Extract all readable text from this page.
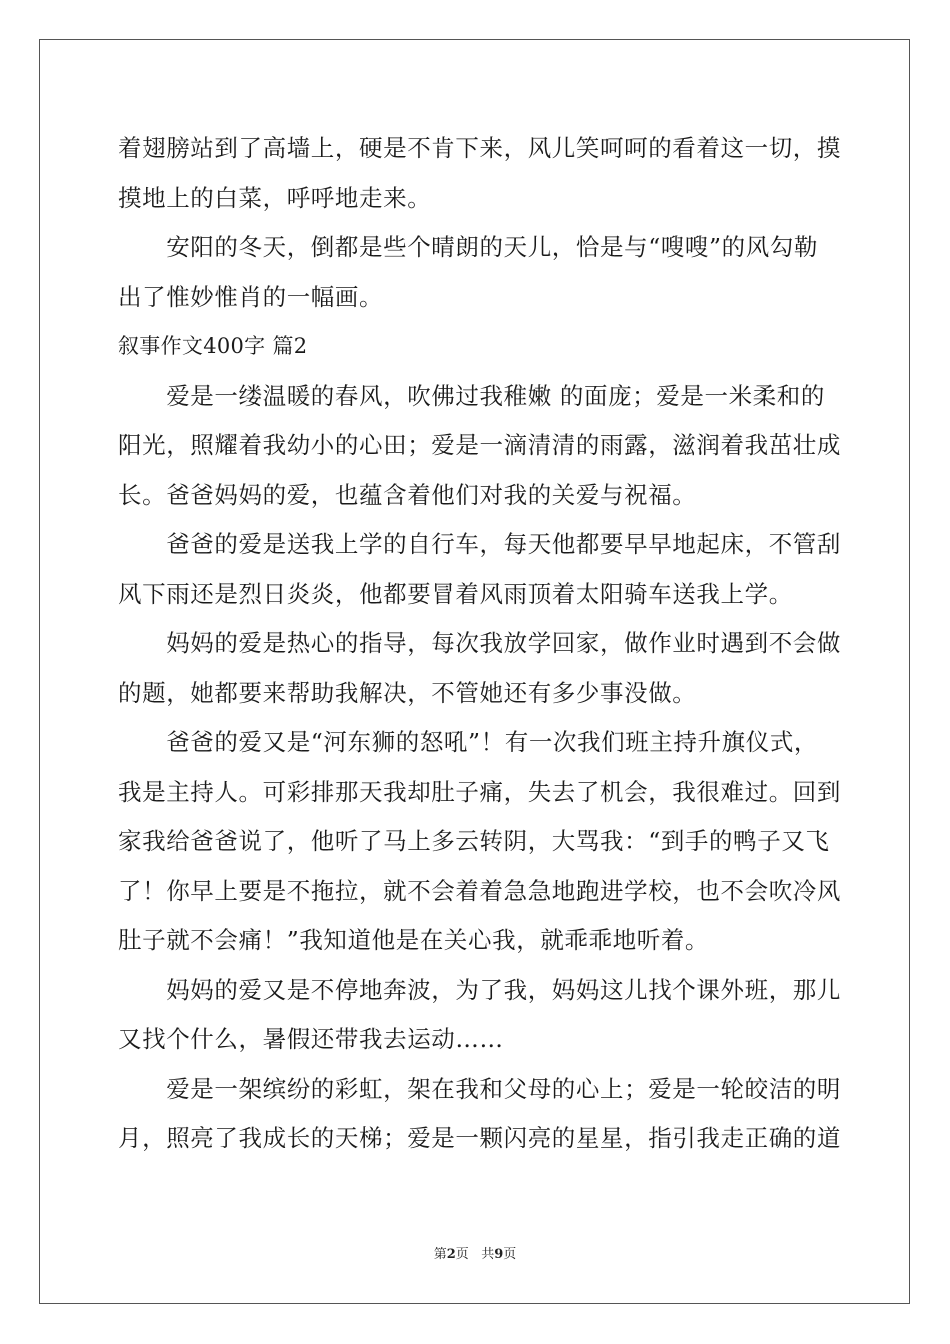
着翅膀站到了高墙上，硬是不肯下来，风儿笑呵呵的看着这一切，摸
摸地上的白菜，呼呼地走来。
　　安阳的冬天，倒都是些个晴朗的天儿，恰是与“嗖嗖”的风勾勒
出了惟妙惟肖的一幅画。
叙事作文400字 篇2
　　爱是一缕温暖的春风，吹佛过我稚嫩 的面庞；爱是一米柔和的
阳光，照耀着我幼小的心田；爱是一滴清清的雨露，滋润着我茁壮成
长。爸爸妈妈的爱，也蕴含着他们对我的关爱与祝福。
　　爸爸的爱是送我上学的自行车，每天他都要早早地起床，不管刮
风下雨还是烈日炎炎，他都要冒着风雨顶着太阳骑车送我上学。
　　妈妈的爱是热心的指导，每次我放学回家，做作业时遇到不会做
的题，她都要来帮助我解决，不管她还有多少事没做。
　　爸爸的爱又是“河东狮的怒吼”！有一次我们班主持升旗仪式，
我是主持人。可彩排那天我却肚子痛，失去了机会，我很难过。回到
家我给爸爸说了，他听了马上多云转阴，大骂我：“到手的鸭子又飞
了！你早上要是不拖拉，就不会着着急急地跑进学校，也不会吹冷风
肚子就不会痛！”我知道他是在关心我，就乖乖地听着。
　　妈妈的爱又是不停地奔波，为了我，妈妈这儿找个课外班，那儿
又找个什么，暑假还带我去运动……
　　爱是一架缤纷的彩虹，架在我和父母的心上；爱是一轮皎洁的明
月，照亮了我成长的天梯；爱是一颗闪亮的星星，指引我走正确的道
第2页 共9页
